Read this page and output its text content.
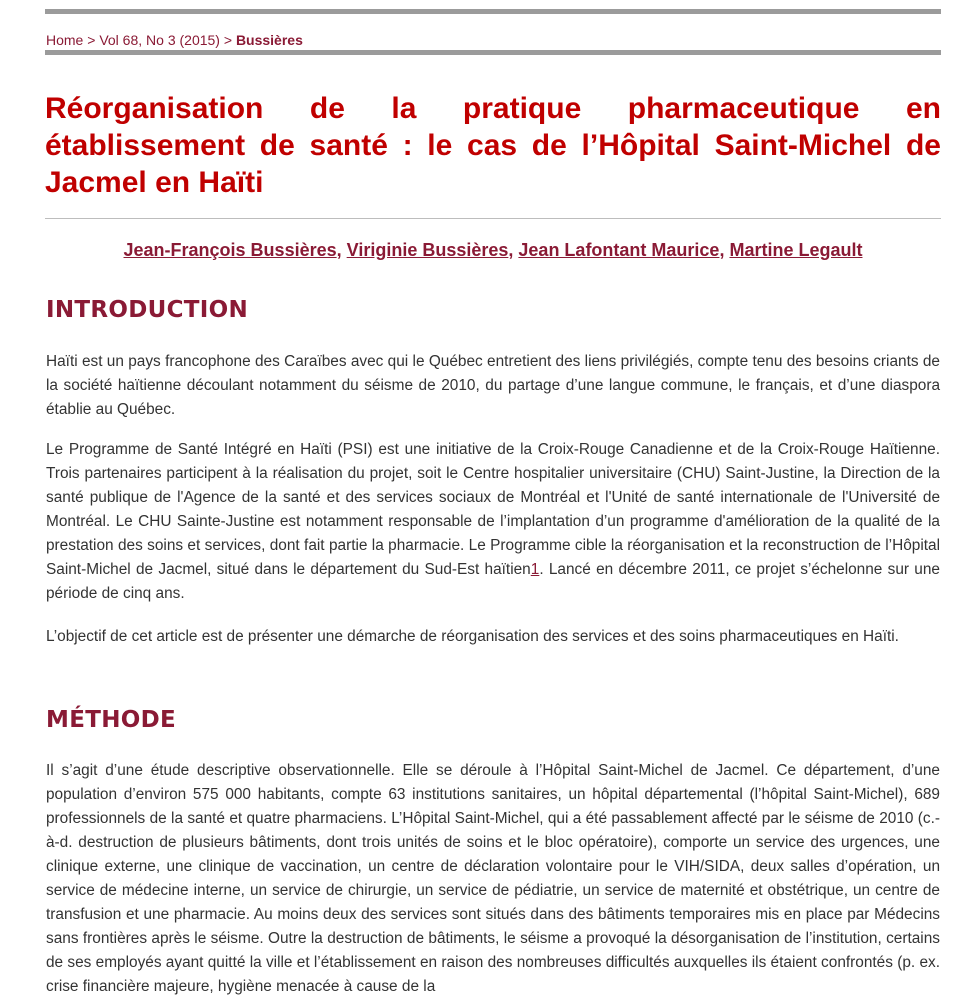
Home > Vol 68, No 3 (2015) > Bussières
Réorganisation de la pratique pharmaceutique en établissement de santé : le cas de l’Hôpital Saint-Michel de Jacmel en Haïti
Jean-François Bussières, Viriginie Bussières, Jean Lafontant Maurice, Martine Legault
INTRODUCTION

Haïti est un pays francophone des Caraïbes avec qui le Québec entretient des liens privilégiés, compte tenu des besoins criants de la société haïtienne découlant notamment du séisme de 2010, du partage d’une langue commune, le français, et d’une diaspora établie au Québec.

Le Programme de Santé Intégré en Haïti (PSI) est une initiative de la Croix-Rouge Canadienne et de la Croix-Rouge Haïtienne. Trois partenaires participent à la réalisation du projet, soit le Centre hospitalier universitaire (CHU) Saint-Justine, la Direction de la santé publique de l'Agence de la santé et des services sociaux de Montréal et l'Unité de santé internationale de l'Université de Montréal. Le CHU Sainte-Justine est notamment responsable de l’implantation d’un programme d'amélioration de la qualité de la prestation des soins et services, dont fait partie la pharmacie. Le Programme cible la réorganisation et la reconstruction de l’Hôpital Saint-Michel de Jacmel, situé dans le département du Sud-Est haïtien1. Lancé en décembre 2011, ce projet s’échelonne sur une période de cinq ans.

L’objectif de cet article est de présenter une démarche de réorganisation des services et des soins pharmaceutiques en Haïti.

MÉTHODE

Il s’agit d’une étude descriptive observationnelle. Elle se déroule à l’Hôpital Saint-Michel de Jacmel. Ce département, d’une population d’environ 575 000 habitants, compte 63 institutions sanitaires, un hôpital départemental (l’hôpital Saint-Michel), 689 professionnels de la santé et quatre pharmaciens. L’Hôpital Saint-Michel, qui a été passablement affecté par le séisme de 2010 (c.-à-d. destruction de plusieurs bâtiments, dont trois unités de soins et le bloc opératoire), comporte un service des urgences, une clinique externe, une clinique de vaccination, un centre de déclaration volontaire pour le VIH/SIDA, deux salles d’opération, un service de médecine interne, un service de chirurgie, un service de pédiatrie, un service de maternité et obstétrique, un centre de transfusion et une pharmacie. Au moins deux des services sont situés dans des bâtiments temporaires mis en place par Médecins sans frontières après le séisme. Outre la destruction de bâtiments, le séisme a provoqué la désorganisation de l’institution, certains de ses employés ayant quitté la ville et l’établissement en raison des nombreuses difficultés auxquelles ils étaient confrontés (p. ex. crise financière majeure, hygiène menacée à cause de la
